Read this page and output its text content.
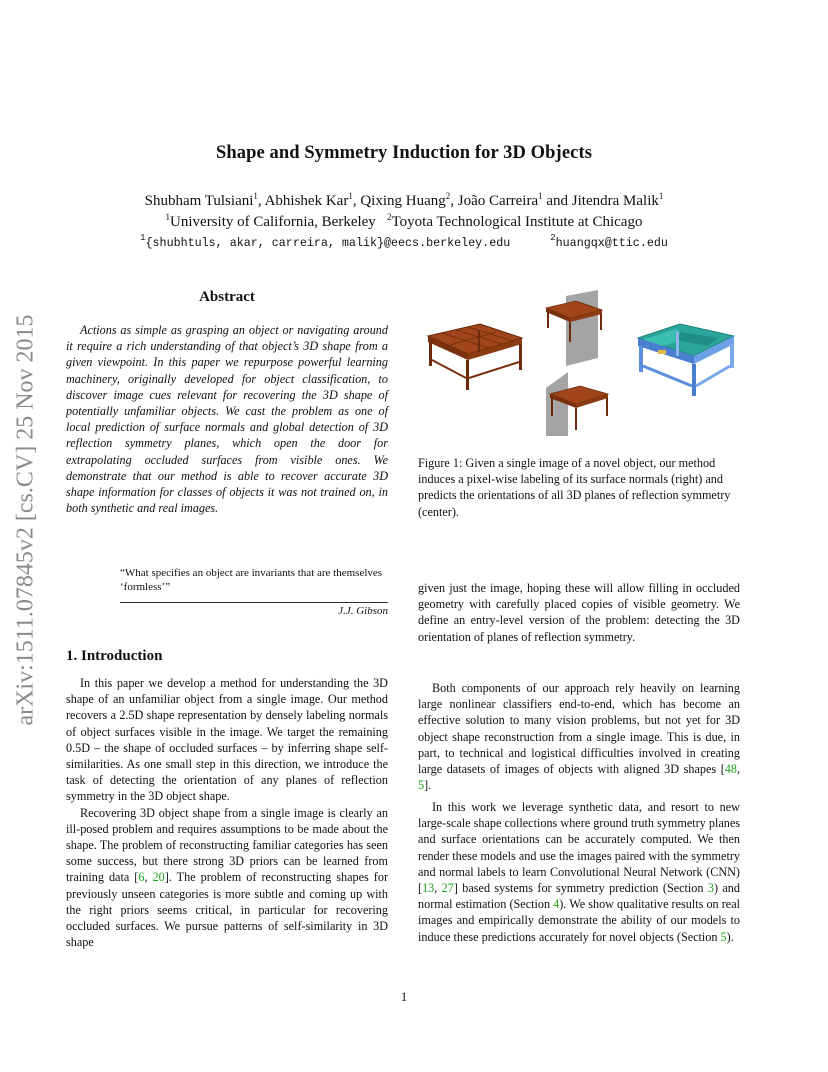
Shape and Symmetry Induction for 3D Objects
Shubham Tulsiani$^1$, Abhishek Kar$^1$, Qixing Huang$^2$, João Carreira$^1$ and Jitendra Malik$^1$
$^1$University of California, Berkeley $^2$Toyota Technological Institute at Chicago
$^1${shubhtuls, akar, carreira, malik}@eecs.berkeley.edu	$^2$huangqx@ttic.edu
arXiv:1511.07845v2 [cs.CV] 25 Nov 2015
Abstract
Actions as simple as grasping an object or navigating around it require a rich understanding of that object’s 3D shape from a given viewpoint. In this paper we repurpose powerful learning machinery, originally developed for object classification, to discover image cues relevant for recovering the 3D shape of potentially unfamiliar objects. We cast the problem as one of local prediction of surface normals and global detection of 3D reflection symmetry planes, which open the door for extrapolating occluded surfaces from visible ones. We demonstrate that our method is able to recover accurate 3D shape information for classes of objects it was not trained on, in both synthetic and real images.
“What specifies an object are invariants that are themselves ‘formless’”
J.J. Gibson
1. Introduction

In this paper we develop a method for understanding the 3D shape of an unfamiliar object from a single image. Our method recovers a 2.5D shape representation by densely labeling normals of object surfaces visible in the image. We target the remaining 0.5D – the shape of occluded surfaces – by inferring shape self-similarities. As one small step in this direction, we introduce the task of detecting the orientation of any planes of reflection symmetry in the 3D object shape.

Recovering 3D object shape from a single image is clearly an ill-posed problem and requires assumptions to be made about the shape. The problem of reconstructing familiar categories has seen some success, but there strong 3D priors can be learned from training data [6, 20]. The problem of reconstructing shapes for previously unseen categories is more subtle and coming up with the right priors seems critical, in particular for recovering occluded surfaces. We pursue patterns of self-similarity in 3D shape

Figure 1: Given a single image of a novel object, our method induces a pixel-wise labeling of its surface normals (right) and predicts the orientations of all 3D planes of reflection symmetry (center).

given just the image, hoping these will allow filling in occluded geometry with carefully placed copies of visible geometry. We define an entry-level version of the problem: detecting the 3D orientation of planes of reflection symmetry.

Both components of our approach rely heavily on learning large nonlinear classifiers end-to-end, which has become an effective solution to many vision problems, but not yet for 3D object shape reconstruction from a single image. This is due, in part, to technical and logistical difficulties involved in creating large datasets of images of objects with aligned 3D shapes [48, 5].

In this work we leverage synthetic data, and resort to new large-scale shape collections where ground truth symmetry planes and surface orientations can be accurately computed. We then render these models and use the images paired with the symmetry and normal labels to learn Convolutional Neural Network (CNN) [13, 27] based systems for symmetry prediction (Section 3) and normal estimation (Section 4). We show qualitative results on real images and empirically demonstrate the ability of our models to induce these predictions accurately for novel objects (Section 5).

1
